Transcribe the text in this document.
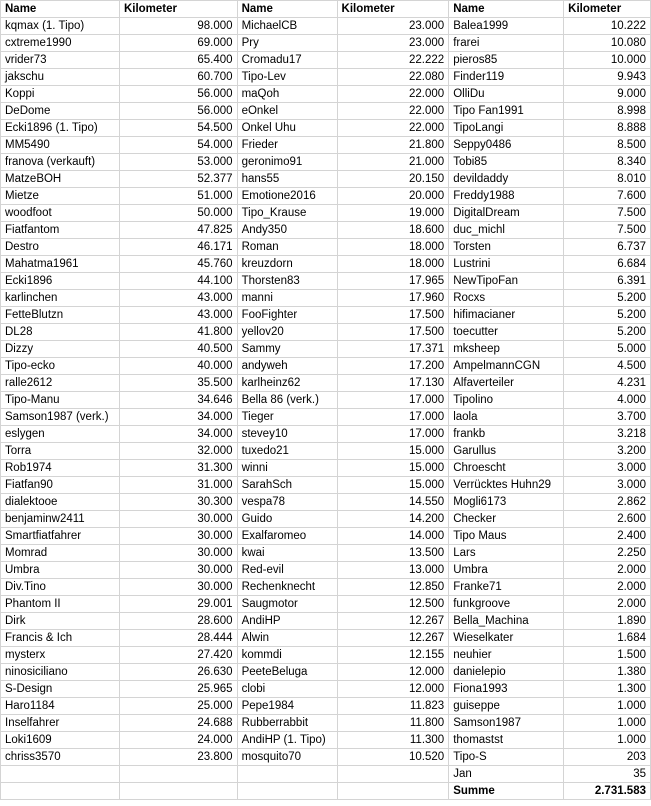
Name	Kilometer	Name	Kilometer	Name	Kilometer
kqmax (1. Tipo)	98.000	MichaelCB	23.000	Balea1999	10.222
cxtreme1990	69.000	Pry	23.000	frarei	10.080
vrider73	65.400	Cromadu17	22.222	pieros85	10.000
jakschu	60.700	Tipo-Lev	22.080	Finder119	9.943
Koppi	56.000	maQoh	22.000	OlliDu	9.000
DeDome	56.000	eOnkel	22.000	Tipo Fan1991	8.998
Ecki1896 (1. Tipo)	54.500	Onkel Uhu	22.000	TipoLangi	8.888
MM5490	54.000	Frieder	21.800	Seppy0486	8.500
franova (verkauft)	53.000	geronimo91	21.000	Tobi85	8.340
MatzeBOH	52.377	hans55	20.150	devildaddy	8.010
Mietze	51.000	Emotione2016	20.000	Freddy1988	7.600
woodfoot	50.000	Tipo_Krause	19.000	DigitalDream	7.500
Fiatfantom	47.825	Andy350	18.600	duc_michl	7.500
Destro	46.171	Roman	18.000	Torsten	6.737
Mahatma1961	45.760	kreuzdorn	18.000	Lustrini	6.684
Ecki1896	44.100	Thorsten83	17.965	NewTipoFan	6.391
karlinchen	43.000	manni	17.960	Rocxs	5.200
FetteBlutzn	43.000	FooFighter	17.500	hifimacianer	5.200
DL28	41.800	yellov20	17.500	toecutter	5.200
Dizzy	40.500	Sammy	17.371	mksheep	5.000
Tipo-ecko	40.000	andyweh	17.200	AmpelmannCGN	4.500
ralle2612	35.500	karlheinz62	17.130	Alfaverteiler	4.231
Tipo-Manu	34.646	Bella 86 (verk.)	17.000	Tipolino	4.000
Samson1987 (verk.)	34.000	Tieger	17.000	laola	3.700
eslygen	34.000	stevey10	17.000	frankb	3.218
Torra	32.000	tuxedo21	15.000	Garullus	3.200
Rob1974	31.300	winni	15.000	Chroescht	3.000
Fiatfan90	31.000	SarahSch	15.000	Verrücktes Huhn29	3.000
dialektooe	30.300	vespa78	14.550	Mogli6173	2.862
benjaminw2411	30.000	Guido	14.200	Checker	2.600
Smartfiatfahrer	30.000	Exalfaromeo	14.000	Tipo Maus	2.400
Momrad	30.000	kwai	13.500	Lars	2.250
Umbra	30.000	Red-evil	13.000	Umbra	2.000
Div.Tino	30.000	Rechenknecht	12.850	Franke71	2.000
Phantom II	29.001	Saugmotor	12.500	funkgroove	2.000
Dirk	28.600	AndiHP	12.267	Bella_Machina	1.890
Francis & Ich	28.444	Alwin	12.267	Wieselkater	1.684
mysterx	27.420	kommdi	12.155	neuhier	1.500
ninosiciliano	26.630	PeeteBeluga	12.000	danielepio	1.380
S-Design	25.965	clobi	12.000	Fiona1993	1.300
Haro1184	25.000	Pepe1984	11.823	guiseppe	1.000
Inselfahrer	24.688	Rubberrabbit	11.800	Samson1987	1.000
Loki1609	24.000	AndiHP (1. Tipo)	11.300	thomastst	1.000
chriss3570	23.800	mosquito70	10.520	Tipo-S	203
				Jan	35
				Summe	2.731.583
